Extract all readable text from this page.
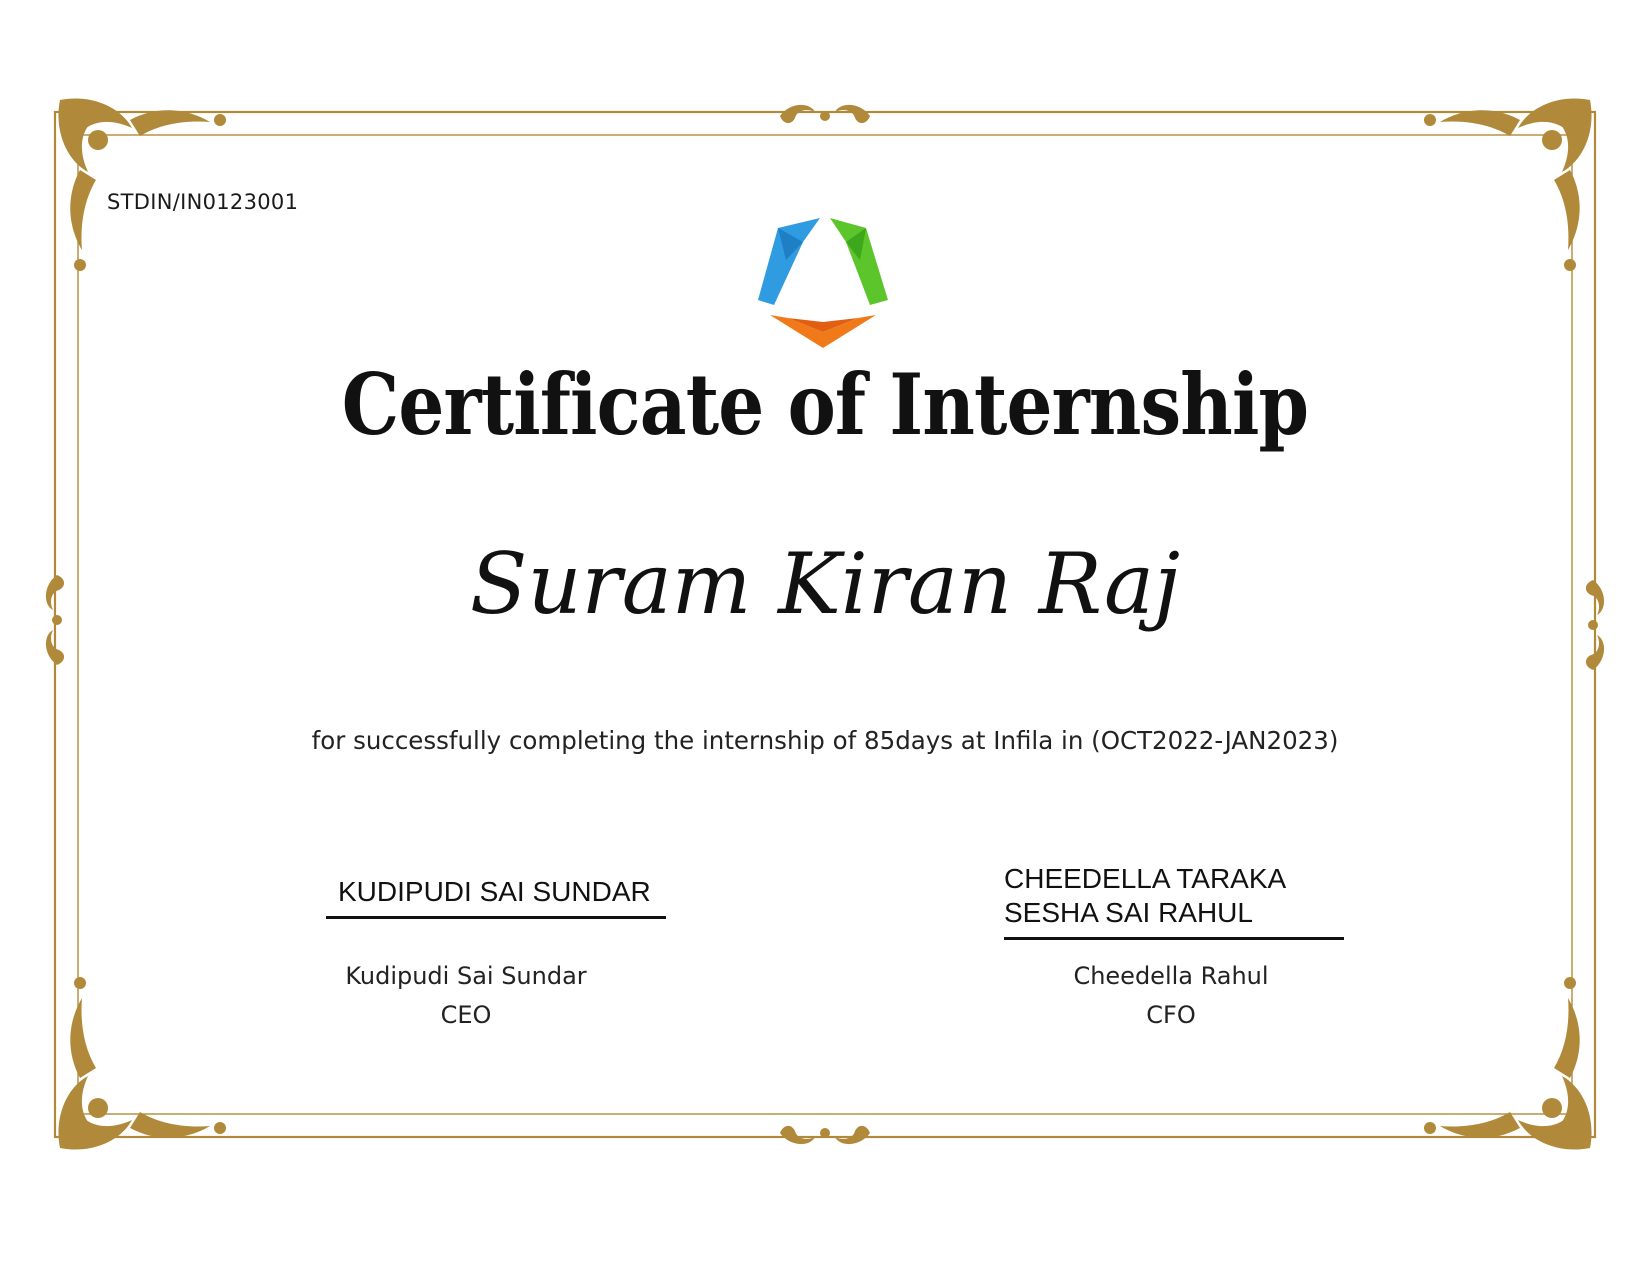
STDIN/IN0123001
Certificate of Internship
Suram Kiran Raj
for successfully completing the internship of 85days at Infila in (OCT2022-JAN2023)
KUDIPUDI SAI SUNDAR
Kudipudi Sai Sundar
CEO
CHEEDELLA TARAKA
SESHA SAI RAHUL
Cheedella Rahul
CFO
